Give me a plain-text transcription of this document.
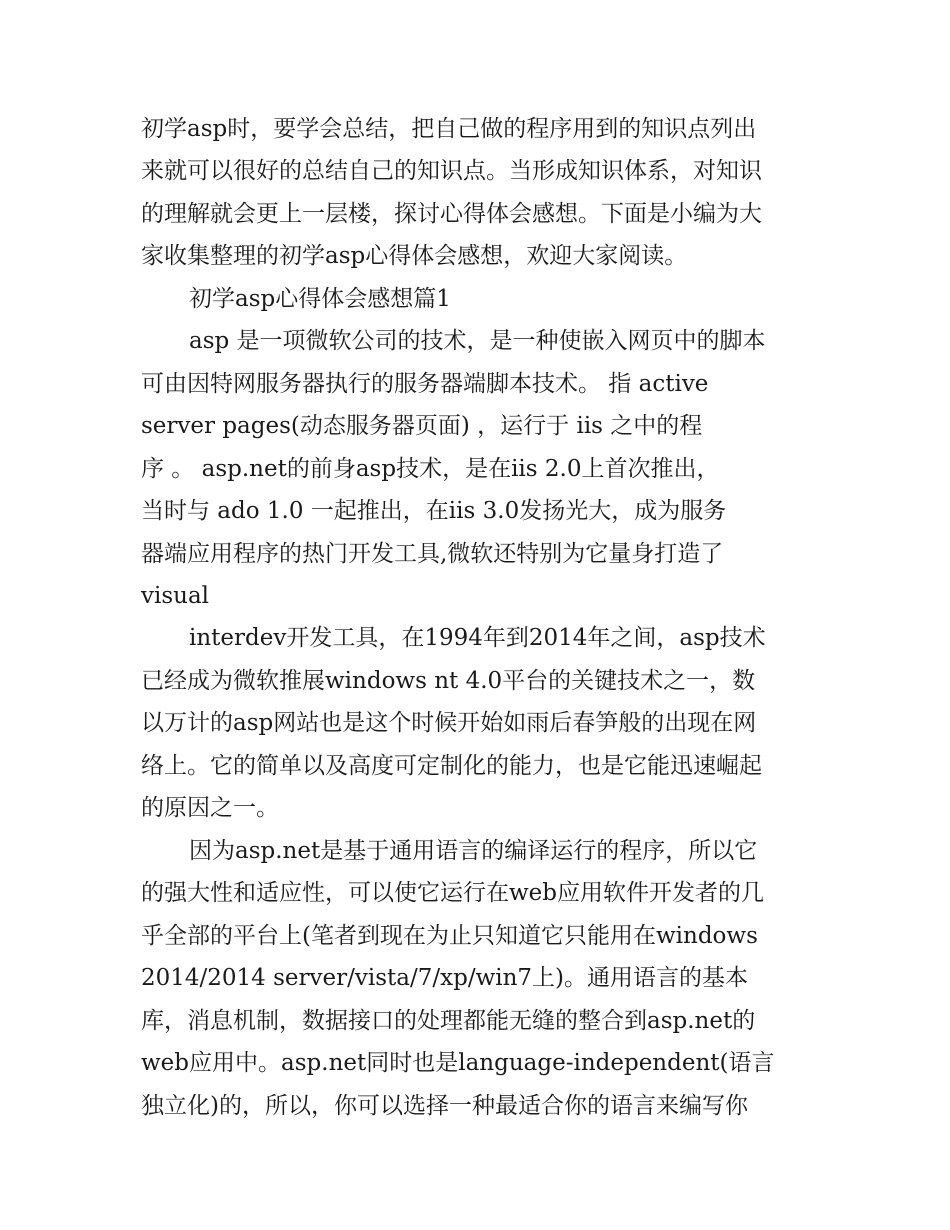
初学asp时，要学会总结，把自己做的程序用到的知识点列出
来就可以很好的总结自己的知识点。当形成知识体系，对知识
的理解就会更上一层楼，探讨心得体会感想。下面是小编为大
家收集整理的初学asp心得体会感想，欢迎大家阅读。
初学asp心得体会感想篇1
asp 是一项微软公司的技术，是一种使嵌入网页中的脚本
可由因特网服务器执行的服务器端脚本技术。 指 active
server pages(动态服务器页面) ，运行于 iis 之中的程
序 。 asp.net的前身asp技术，是在iis 2.0上首次推出，
当时与 ado 1.0 一起推出，在iis 3.0发扬光大，成为服务
器端应用程序的热门开发工具,微软还特别为它量身打造了
visual
interdev开发工具，在1994年到2014年之间，asp技术
已经成为微软推展windows nt 4.0平台的关键技术之一，数
以万计的asp网站也是这个时候开始如雨后春笋般的出现在网
络上。它的简单以及高度可定制化的能力，也是它能迅速崛起
的原因之一。
因为asp.net是基于通用语言的编译运行的程序，所以它
的强大性和适应性，可以使它运行在web应用软件开发者的几
乎全部的平台上(笔者到现在为止只知道它只能用在windows
2014/2014 server/vista/7/xp/win7上)。通用语言的基本
库，消息机制，数据接口的处理都能无缝的整合到asp.net的
web应用中。asp.net同时也是language-independent(语言
独立化)的，所以，你可以选择一种最适合你的语言来编写你
